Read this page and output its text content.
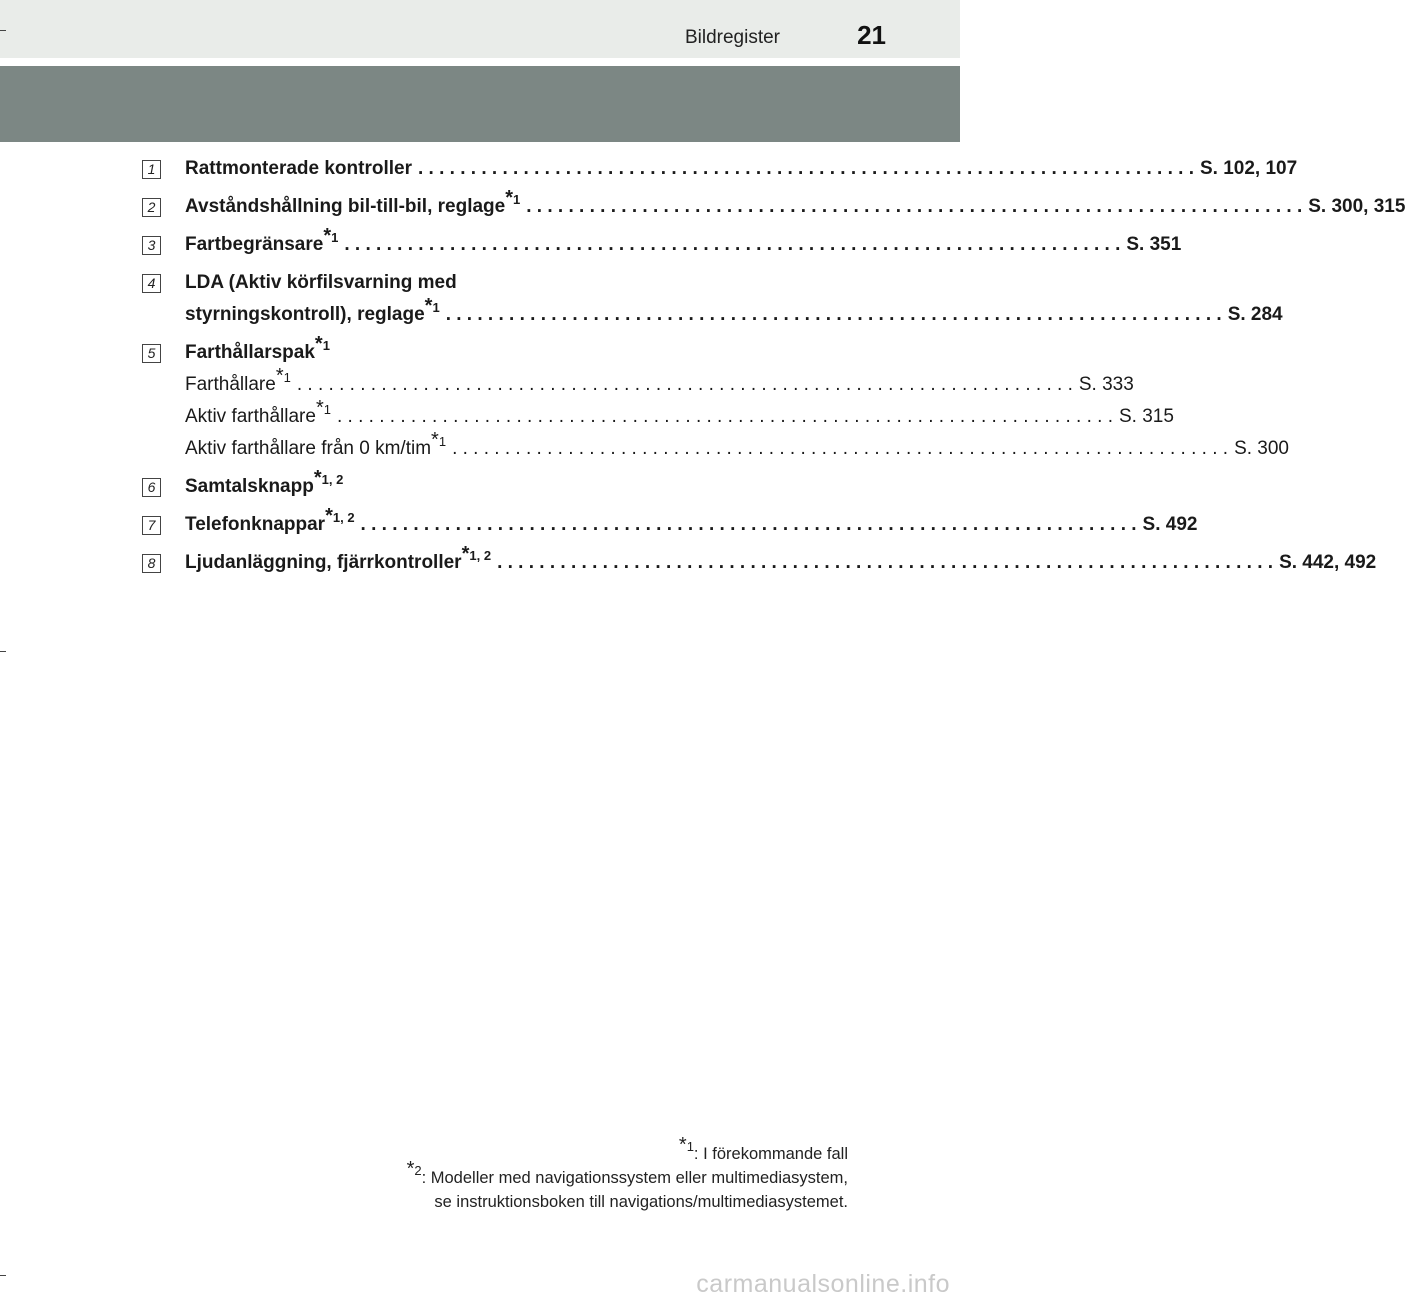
Bildregister	21
1 Rattmonterade kontroller . . .	S. 102, 107
2 Avståndshållning bil-till-bil, reglage$^{*1}$ . . .	S. 300, 315
3 Fartbegränsare$^{*1}$ . . .	S. 351
4 LDA (Aktiv körfilsvarning med
styrningskontroll), reglage$^{*1}$ . . .	S. 284
5 Farthållarspak$^{*1}$
Farthållare$^{*1}$ . . .	S. 333
Aktiv farthållare$^{*1}$ . . .	S. 315
Aktiv farthållare från 0 km/tim$^{*1}$ . . .	S. 300
6 Samtalsknapp$^{*1, 2}$
7 Telefonknappar$^{*1, 2}$ . . .	S. 492
8 Ljudanläggning, fjärrkontroller$^{*1, 2}$ . . .	S. 442, 492
$^{*1}$: I förekommande fall
$^{*2}$: Modeller med navigationssystem eller multimediasystem,
se instruktionsboken till navigations/multimediasystemet.
carmanualsonline.info
